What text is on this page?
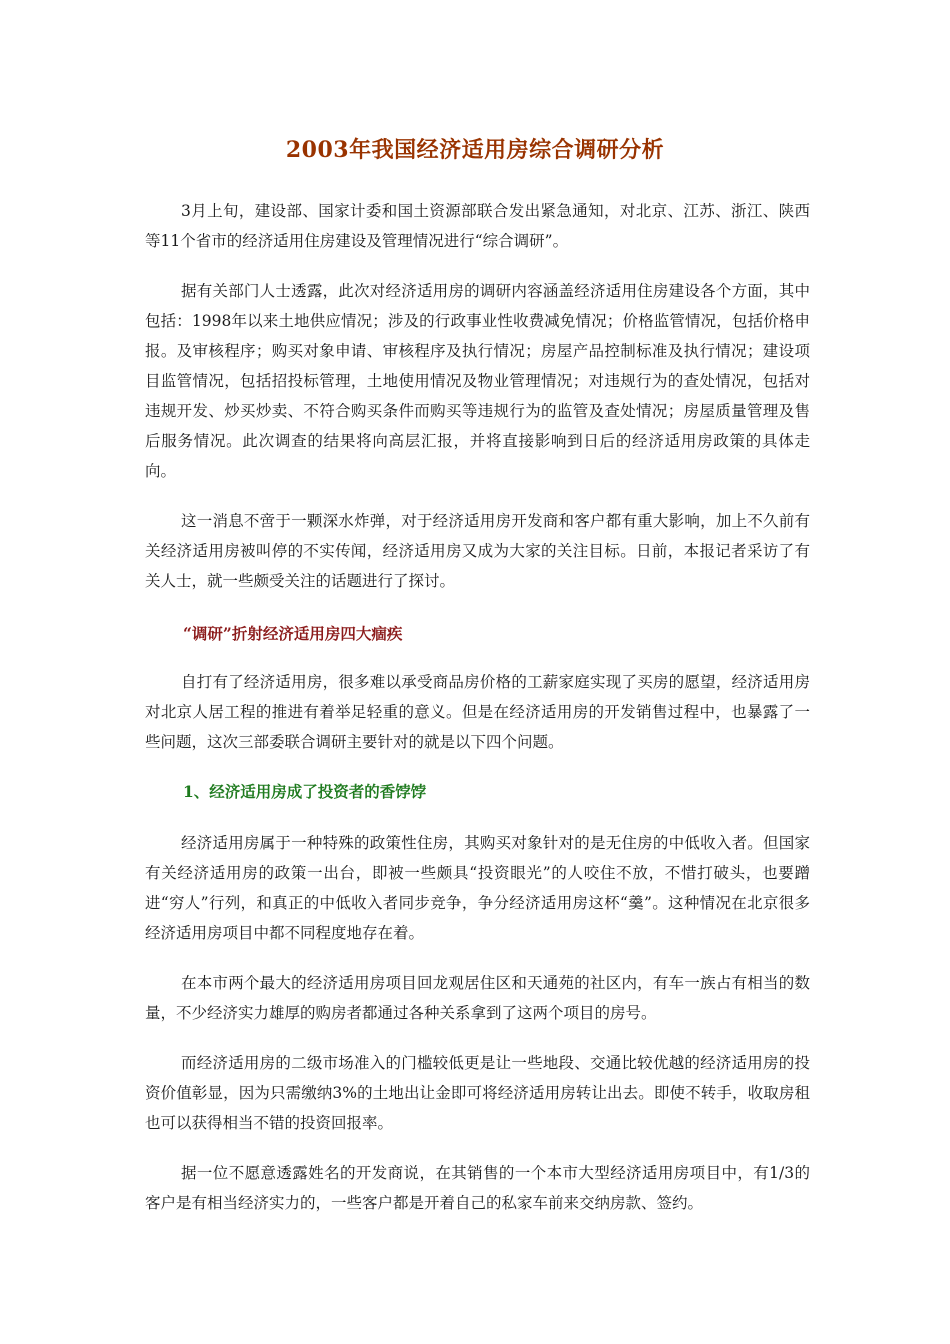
2003年我国经济适用房综合调研分析

3月上旬，建设部、国家计委和国土资源部联合发出紧急通知，对北京、江苏、浙江、陕西等11个省市的经济适用住房建设及管理情况进行“综合调研”。

据有关部门人士透露，此次对经济适用房的调研内容涵盖经济适用住房建设各个方面，其中包括：1998年以来土地供应情况；涉及的行政事业性收费减免情况；价格监管情况，包括价格申报。及审核程序；购买对象申请、审核程序及执行情况；房屋产品控制标准及执行情况；建设项目监管情况，包括招投标管理，土地使用情况及物业管理情况；对违规行为的查处情况，包括对违规开发、炒买炒卖、不符合购买条件而购买等违规行为的监管及查处情况；房屋质量管理及售后服务情况。此次调查的结果将向高层汇报，并将直接影响到日后的经济适用房政策的具体走向。

这一消息不啻于一颗深水炸弹，对于经济适用房开发商和客户都有重大影响，加上不久前有关经济适用房被叫停的不实传闻，经济适用房又成为大家的关注目标。日前，本报记者采访了有关人士，就一些颇受关注的话题进行了探讨。

“调研”折射经济适用房四大痼疾

自打有了经济适用房，很多难以承受商品房价格的工薪家庭实现了买房的愿望，经济适用房对北京人居工程的推进有着举足轻重的意义。但是在经济适用房的开发销售过程中，也暴露了一些问题，这次三部委联合调研主要针对的就是以下四个问题。

1、经济适用房成了投资者的香饽饽

经济适用房属于一种特殊的政策性住房，其购买对象针对的是无住房的中低收入者。但国家有关经济适用房的政策一出台，即被一些颇具“投资眼光”的人咬住不放，不惜打破头，也要蹭进“穷人”行列，和真正的中低收入者同步竞争，争分经济适用房这杯“羹”。这种情况在北京很多经济适用房项目中都不同程度地存在着。

在本市两个最大的经济适用房项目回龙观居住区和天通苑的社区内，有车一族占有相当的数量，不少经济实力雄厚的购房者都通过各种关系拿到了这两个项目的房号。

而经济适用房的二级市场准入的门槛较低更是让一些地段、交通比较优越的经济适用房的投资价值彰显，因为只需缴纳3%的土地出让金即可将经济适用房转让出去。即使不转手，收取房租也可以获得相当不错的投资回报率。

据一位不愿意透露姓名的开发商说，在其销售的一个本市大型经济适用房项目中，有1/3的客户是有相当经济实力的，一些客户都是开着自己的私家车前来交纳房款、签约。
